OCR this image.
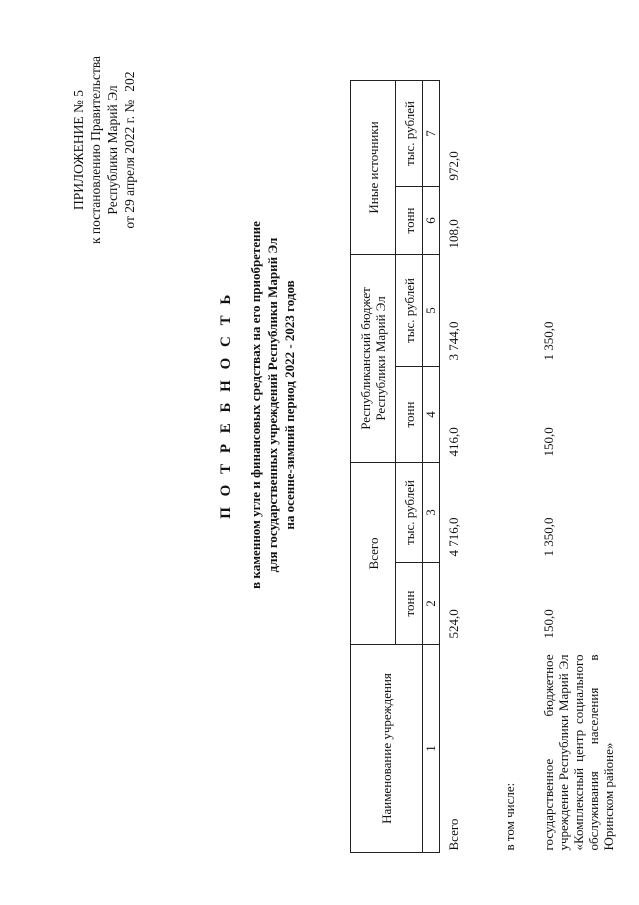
ПРИЛОЖЕНИЕ № 5 к постановлению Правительства Республики Марий Эл
от 29 апреля 2022 г. №202
П О Т Р Е Б Н О С Т Ь в каменном угле и финансовых средствах на его приобретение для государственных учреждений Республики Марий Эл на осенне-зимний период 2022 - 2023 годов
Наименование учреждения	Всего		Республиканский бюджет Республики Марий Эл		Иные источники	
	тонн	тыс. рублей	тонн	тыс. рублей	тонн	тыс. рублей
1	2	3	4	5	6	7
Всего	524,0	4 716,0	416,0	3 744,0	108,0	972,0
в том числе:						
государственное бюджетное учреждение Республики Марий Эл «Комплексный центр социального обслуживания населения в Юринском районе»	150,0	1 350,0	150,0	1 350,0		
